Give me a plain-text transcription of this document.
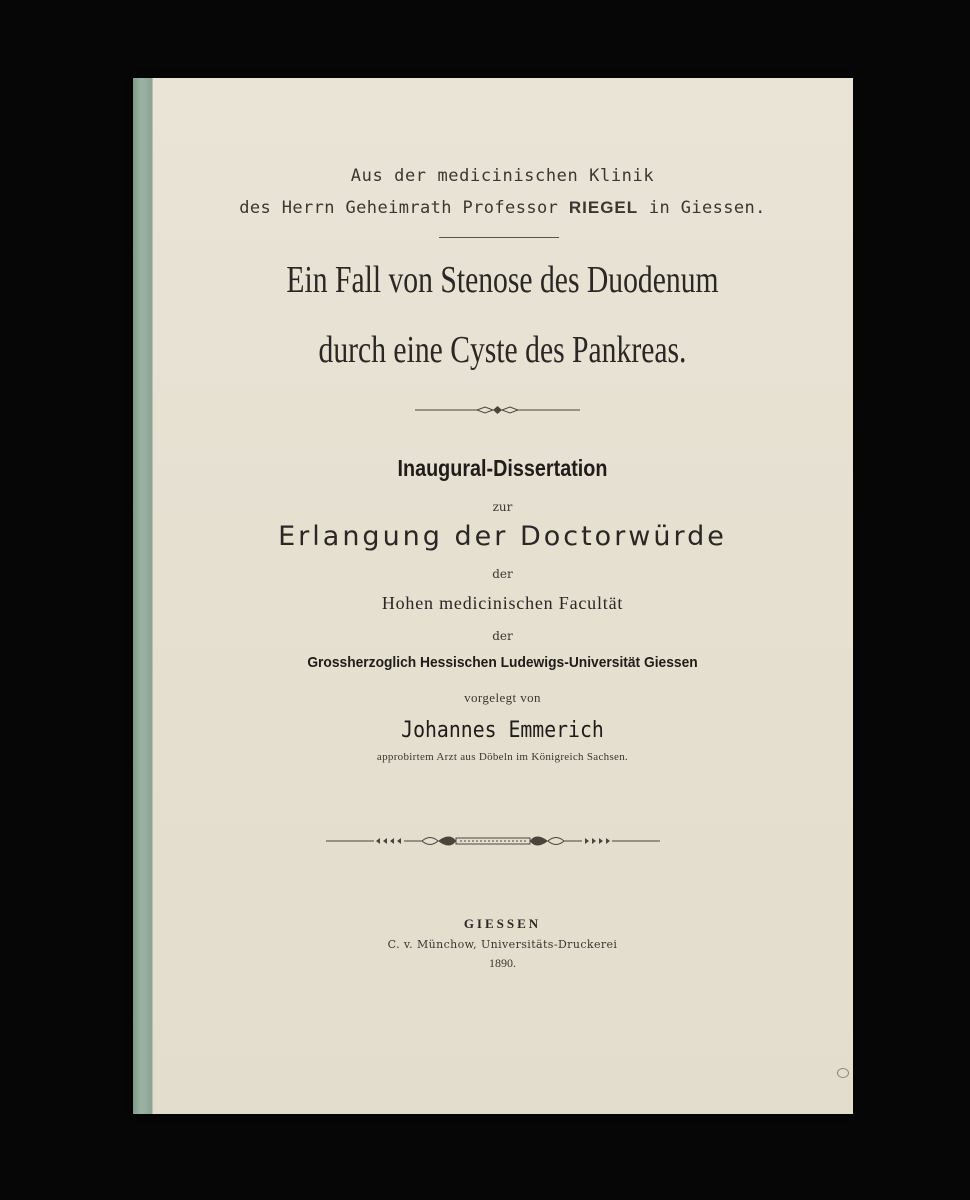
Aus der medicinischen Klinik
des Herrn Geheimrath Professor RIEGEL in Giessen.
Ein Fall von Stenose des Duodenum
durch eine Cyste des Pankreas.
Inaugural-Dissertation
zur
Erlangung der Doctorwürde
der
Hohen medicinischen Facultät
der
Grossherzoglich Hessischen Ludewigs-Universität Giessen
vorgelegt von
Johannes Emmerich
approbirtem Arzt aus Döbeln im Königreich Sachsen.
GIESSEN
C. v. Münchow, Universitäts-Druckerei
1890.
